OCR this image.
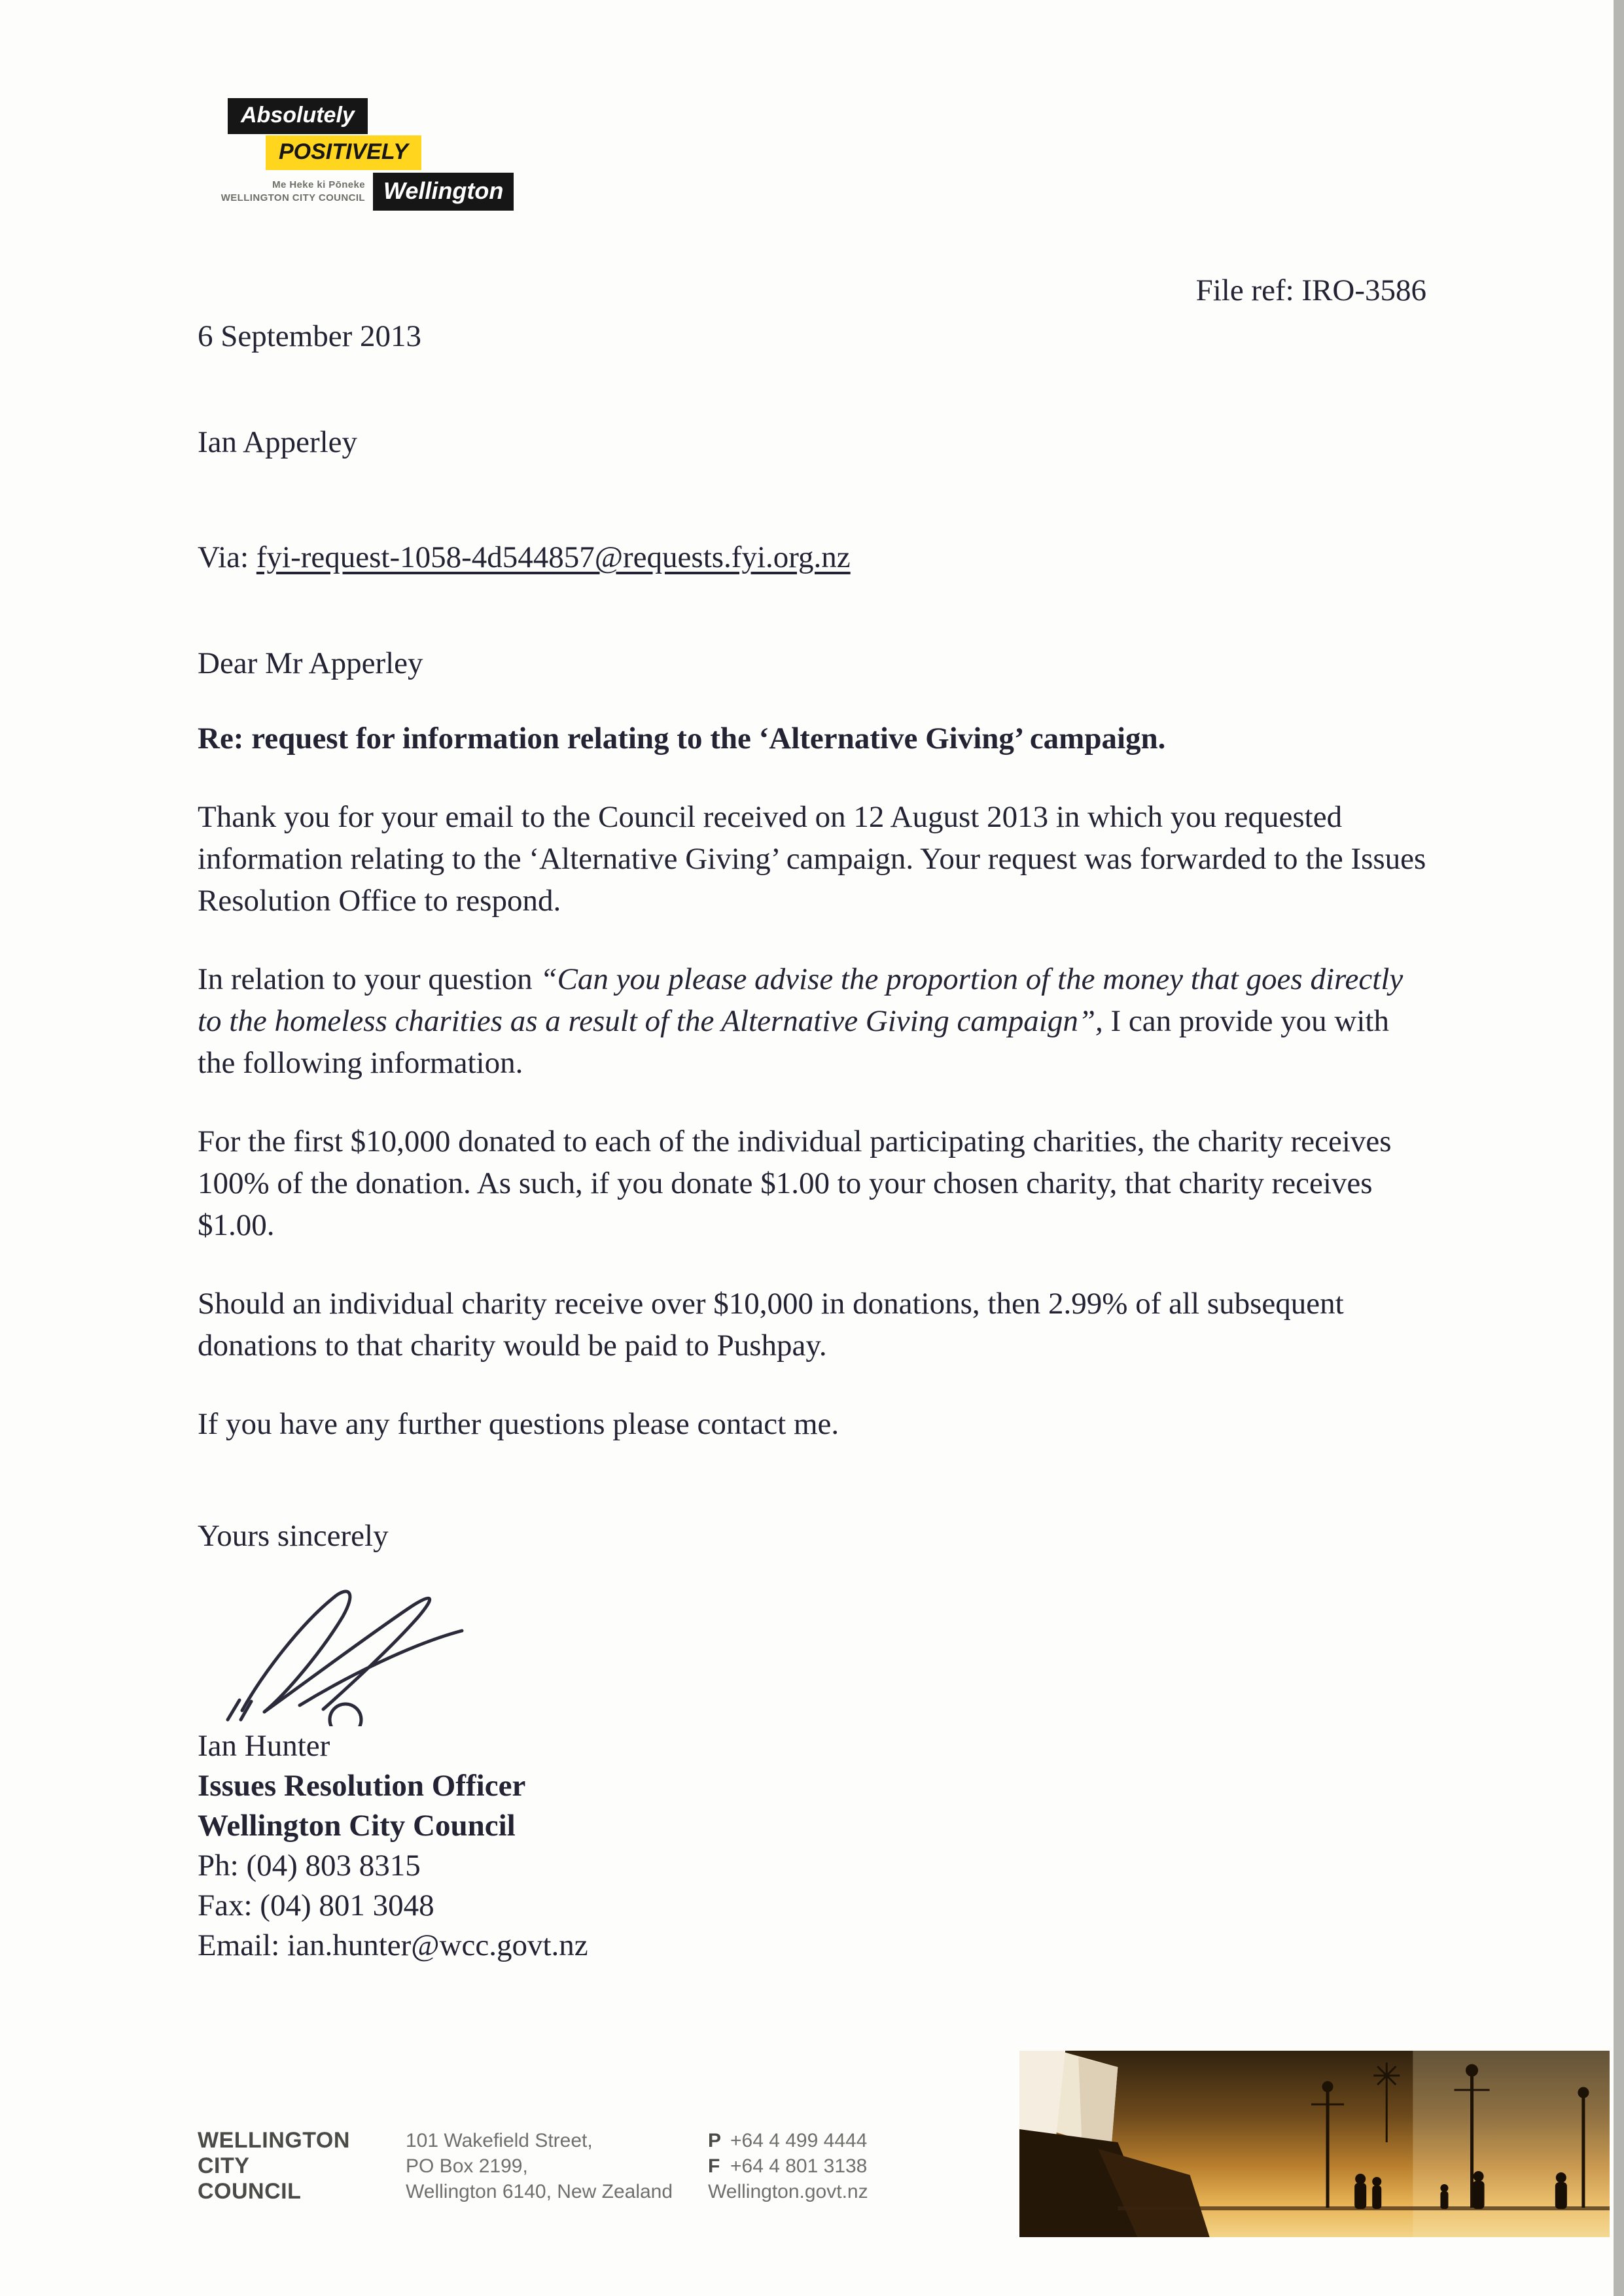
Absolutely
POSITIVELY
Me Heke ki Pōneke
WELLINGTON CITY COUNCIL Wellington
File ref: IRO-3586
6 September 2013
Ian Apperley
Via: fyi-request-1058-4d544857@requests.fyi.org.nz
Dear Mr Apperley
Re: request for information relating to the ‘Alternative Giving’ campaign.

Thank you for your email to the Council received on 12 August 2013 in which you requested information relating to the ‘Alternative Giving’ campaign. Your request was forwarded to the Issues Resolution Office to respond.

In relation to your question “Can you please advise the proportion of the money that goes directly to the homeless charities as a result of the Alternative Giving campaign”, I can provide you with the following information.

For the first $10,000 donated to each of the individual participating charities, the charity receives 100% of the donation. As such, if you donate $1.00 to your chosen charity, that charity receives $1.00.

Should an individual charity receive over $10,000 in donations, then 2.99% of all subsequent donations to that charity would be paid to Pushpay.

If you have any further questions please contact me.

Yours sincerely
Ian Hunter
Issues Resolution Officer
Wellington City Council
Ph: (04) 803 8315
Fax: (04) 801 3048
Email: ian.hunter@wcc.govt.nz
WELLINGTON
CITY
COUNCIL
101 Wakefield Street,
PO Box 2199,
Wellington 6140, New Zealand
P +64 4 499 4444
F +64 4 801 3138
Wellington.govt.nz
